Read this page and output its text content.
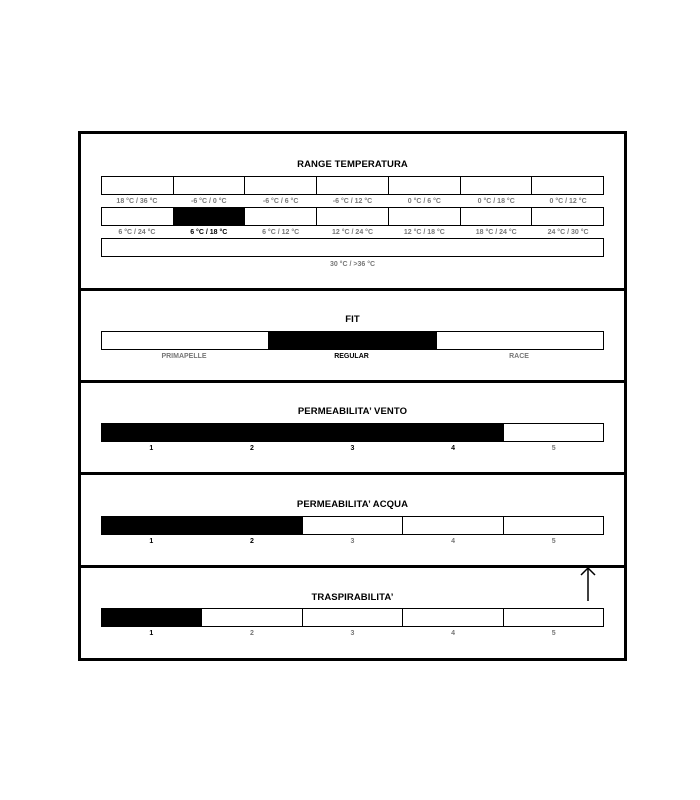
RANGE TEMPERATURA
18 °C / 36 °C	-6 °C / 0 °C	-6 °C / 6 °C	-6 °C / 12 °C	0 °C / 6 °C	0 °C / 18 °C	0 °C / 12 °C
6 °C / 24 °C	6 °C / 18 °C	6 °C / 12 °C	12 °C / 24 °C	12 °C / 18 °C	18 °C / 24 °C	24 °C / 30 °C
30 °C / >36 °C
FIT
PRIMAPELLE	REGULAR	RACE
PERMEABILITA’ VENTO
1	2	3	4	5
PERMEABILITA’ ACQUA
1	2	3	4	5
TRASPIRABILITA’
1	2	3	4	5
